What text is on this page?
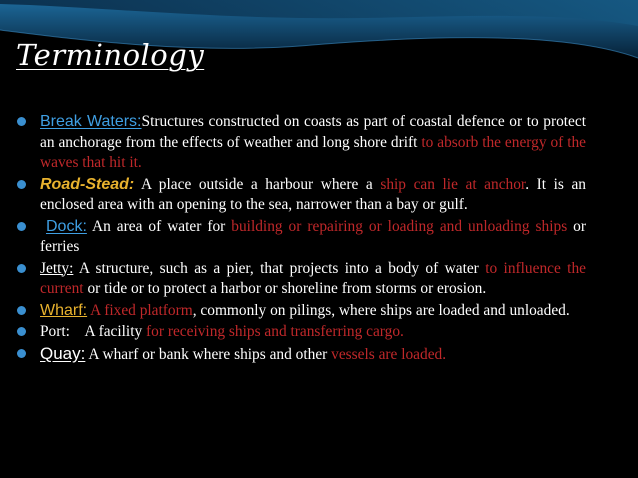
Terminology
Break Waters:Structures constructed on coasts as part of coastal defence or to protect an anchorage from the effects of weather and long shore drift to absorb the energy of the waves that hit it.
Road-Stead: A place outside a harbour where a ship can lie at anchor. It is an enclosed area with an opening to the sea, narrower than a bay or gulf.
Dock: An area of water for building or repairing or loading and unloading ships or ferries
Jetty: A structure, such as a pier, that projects into a body of water to influence the current or tide or to protect a harbor or shoreline from storms or erosion.
Wharf: A fixed platform, commonly on pilings, where ships are loaded and unloaded.
Port:    A facility for receiving ships and transferring cargo.
Quay: A wharf or bank where ships and other vessels are loaded.
